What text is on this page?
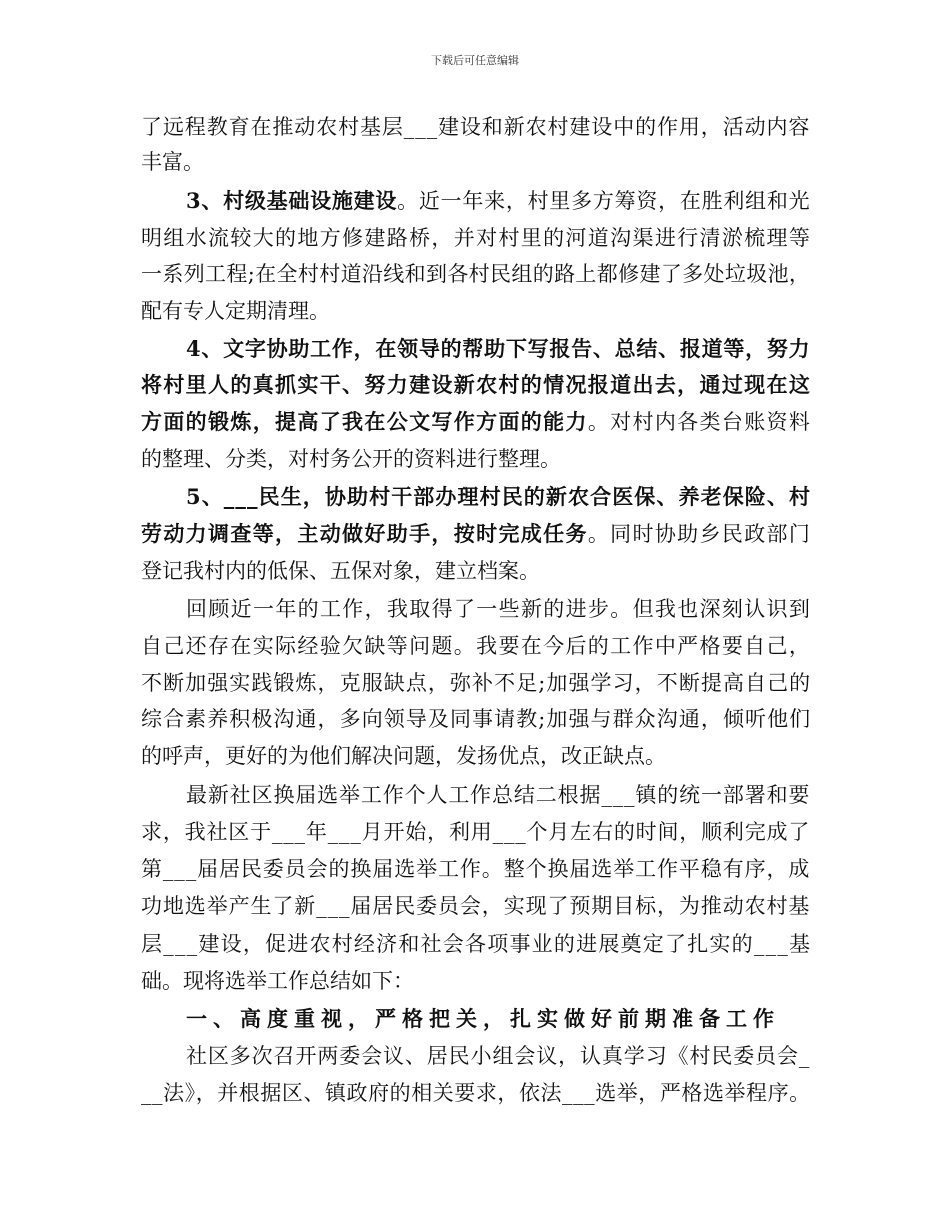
下载后可任意编辑
了远程教育在推动农村基层___建设和新农村建设中的作用，活动内容
丰富。
3、村级基础设施建设。近一年来，村里多方筹资，在胜利组和光
明组水流较大的地方修建路桥，并对村里的河道沟渠进行清淤梳理等
一系列工程;在全村村道沿线和到各村民组的路上都修建了多处垃圾池，
配有专人定期清理。
4、文字协助工作，在领导的帮助下写报告、总结、报道等，努力
将村里人的真抓实干、努力建设新农村的情况报道出去，通过现在这
方面的锻炼，提高了我在公文写作方面的能力。对村内各类台账资料
的整理、分类，对村务公开的资料进行整理。
5、___民生，协助村干部办理村民的新农合医保、养老保险、村
劳动力调查等，主动做好助手，按时完成任务。同时协助乡民政部门
登记我村内的低保、五保对象，建立档案。
回顾近一年的工作，我取得了一些新的进步。但我也深刻认识到
自己还存在实际经验欠缺等问题。我要在今后的工作中严格要自己，
不断加强实践锻炼，克服缺点，弥补不足;加强学习，不断提高自己的
综合素养积极沟通，多向领导及同事请教;加强与群众沟通，倾听他们
的呼声，更好的为他们解决问题，发扬优点，改正缺点。
最新社区换届选举工作个人工作总结二根据___镇的统一部署和要
求，我社区于___年___月开始，利用___个月左右的时间，顺利完成了
第___届居民委员会的换届选举工作。整个换届选举工作平稳有序，成
功地选举产生了新___届居民委员会，实现了预期目标，为推动农村基
层___建设，促进农村经济和社会各项事业的进展奠定了扎实的___基
础。现将选举工作总结如下：
一、高度重视，严格把关，扎实做好前期准备工作
社区多次召开两委会议、居民小组会议，认真学习《村民委员会_
__法》，并根据区、镇政府的相关要求，依法___选举，严格选举程序。
